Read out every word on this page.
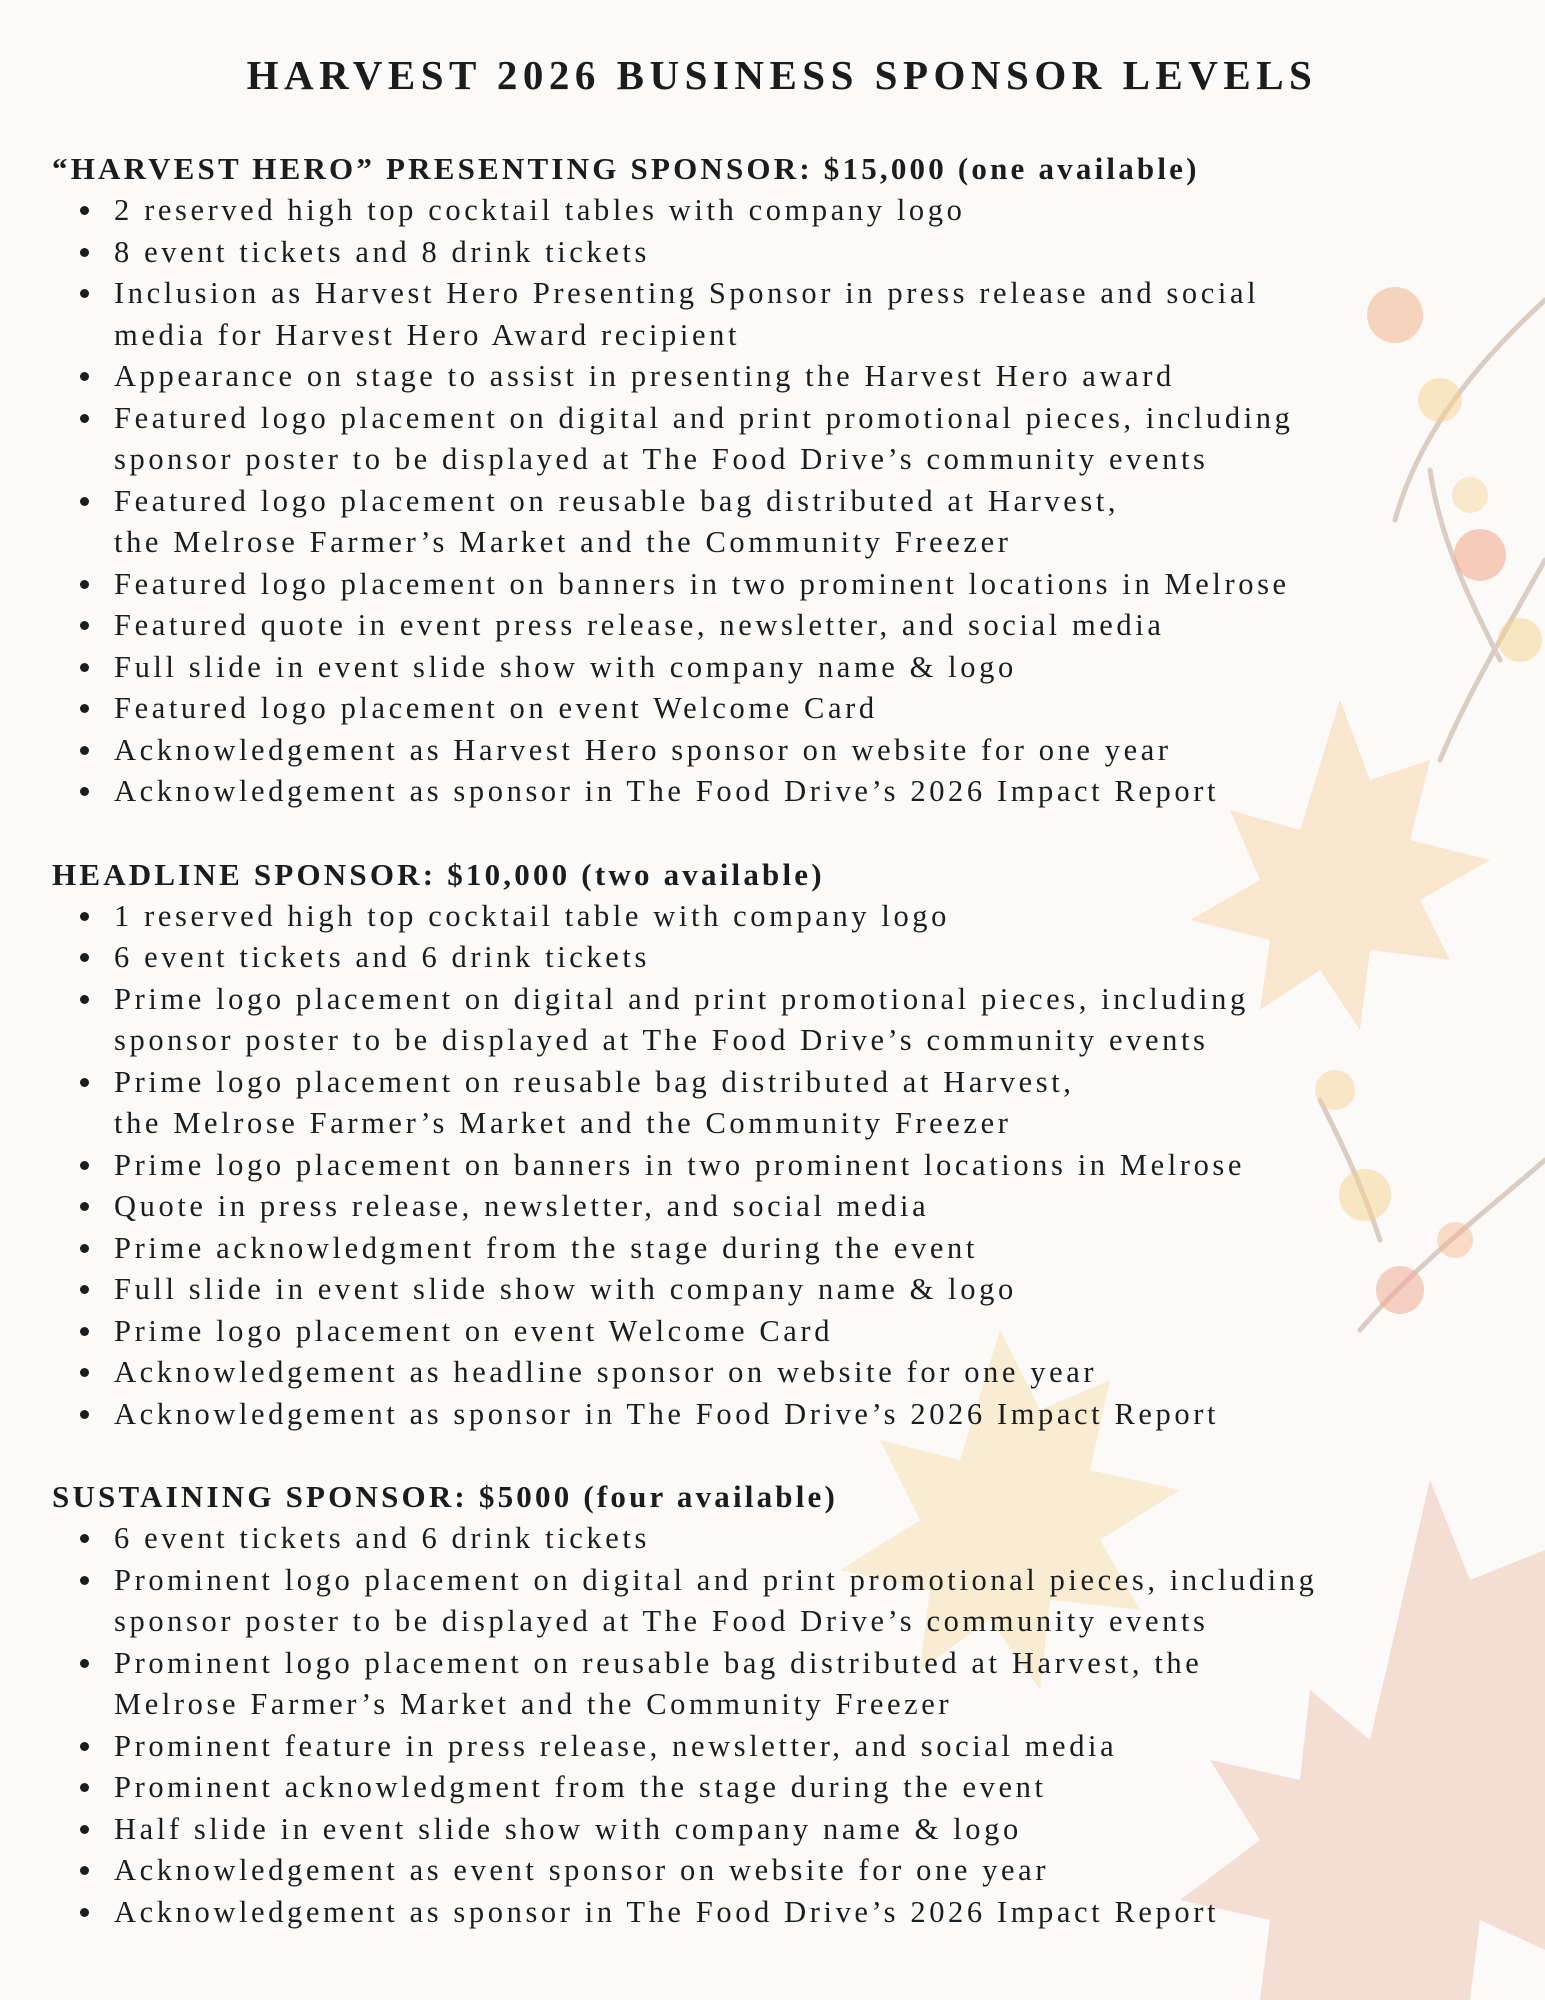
HARVEST 2026 BUSINESS SPONSOR LEVELS
“HARVEST HERO” PRESENTING SPONSOR: $15,000 (one available)
2 reserved high top cocktail tables with company logo
8 event tickets and 8 drink tickets
Inclusion as Harvest Hero Presenting Sponsor in press release and social
media for Harvest Hero Award recipient
Appearance on stage to assist in presenting the Harvest Hero award
Featured logo placement on digital and print promotional pieces, including
sponsor poster to be displayed at The Food Drive’s community events
Featured logo placement on reusable bag distributed at Harvest,
the Melrose Farmer’s Market and the Community Freezer
Featured logo placement on banners in two prominent locations in Melrose
Featured quote in event press release, newsletter, and social media
Full slide in event slide show with company name & logo
Featured logo placement on event Welcome Card
Acknowledgement as Harvest Hero sponsor on website for one year
Acknowledgement as sponsor in The Food Drive’s 2026 Impact Report
HEADLINE SPONSOR: $10,000 (two available)
1 reserved high top cocktail table with company logo
6 event tickets and 6 drink tickets
Prime logo placement on digital and print promotional pieces, including
sponsor poster to be displayed at The Food Drive’s community events
Prime logo placement on reusable bag distributed at Harvest,
the Melrose Farmer’s Market and the Community Freezer
Prime logo placement on banners in two prominent locations in Melrose
Quote in press release, newsletter, and social media
Prime acknowledgment from the stage during the event
Full slide in event slide show with company name & logo
Prime logo placement on event Welcome Card
Acknowledgement as headline sponsor on website for one year
Acknowledgement as sponsor in The Food Drive’s 2026 Impact Report
SUSTAINING SPONSOR: $5000 (four available)
6 event tickets and 6 drink tickets
Prominent logo placement on digital and print promotional pieces, including
sponsor poster to be displayed at The Food Drive’s community events
Prominent logo placement on reusable bag distributed at Harvest, the
Melrose Farmer’s Market and the Community Freezer
Prominent feature in press release, newsletter, and social media
Prominent acknowledgment from the stage during the event
Half slide in event slide show with company name & logo
Acknowledgement as event sponsor on website for one year
Acknowledgement as sponsor in The Food Drive’s 2026 Impact Report
